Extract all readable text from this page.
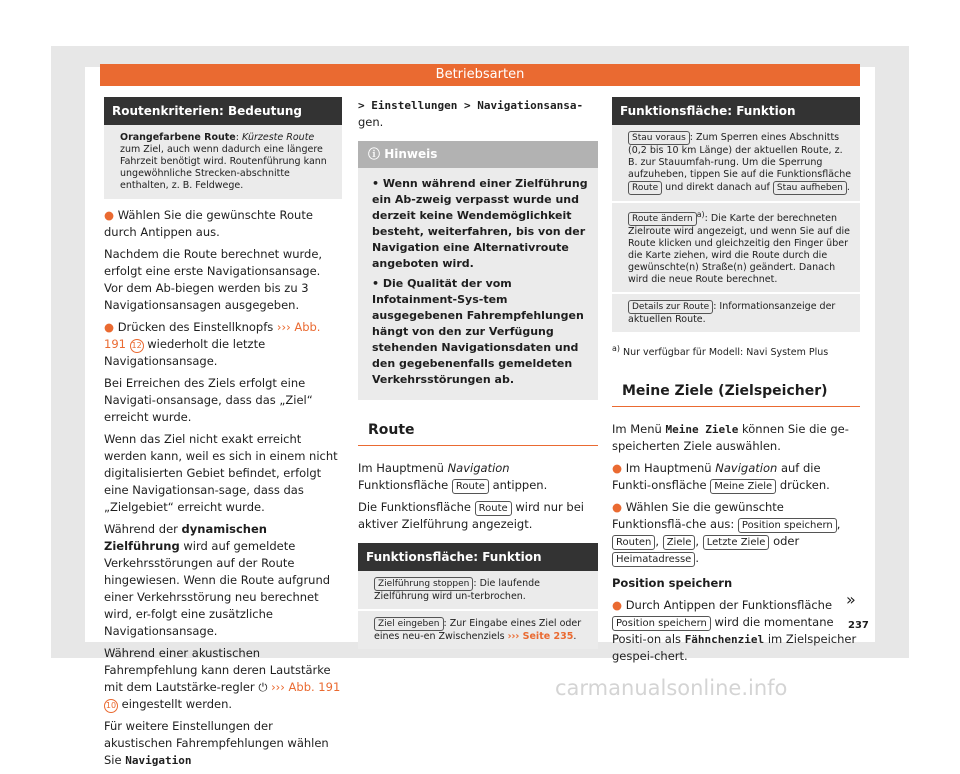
Betriebsarten
Routenkriterien: Bedeutung
Orangefarbene Route: Kürzeste Route zum Ziel, auch wenn dadurch eine längere Fahrzeit benötigt wird. Routenführung kann ungewöhnliche Strecken-abschnitte enthalten, z. B. Feldwege.

● Wählen Sie die gewünschte Route durch Antippen aus.

Nachdem die Route berechnet wurde, erfolgt eine erste Navigationsansage. Vor dem Ab-biegen werden bis zu 3 Navigationsansagen ausgegeben.

● Drücken des Einstellknopfs ››› Abb. 191 12 wiederholt die letzte Navigationsansage.

Bei Erreichen des Ziels erfolgt eine Navigati-onsansage, dass das „Ziel“ erreicht wurde.

Wenn das Ziel nicht exakt erreicht werden kann, weil es sich in einem nicht digitalisierten Gebiet befindet, erfolgt eine Navigationsan-sage, dass das „Zielgebiet“ erreicht wurde.

Während der dynamischen Zielführung wird auf gemeldete Verkehrsstörungen auf der Route hingewiesen. Wenn die Route aufgrund einer Verkehrsstörung neu berechnet wird, er-folgt eine zusätzliche Navigationsansage.

Während einer akustischen Fahrempfehlung kann deren Lautstärke mit dem Lautstärke-regler ⏻ ››› Abb. 191 10 eingestellt werden.

Für weitere Einstellungen der akustischen Fahrempfehlungen wählen Sie Navigation

> Einstellungen > Navigationsansa- gen.

ⓘ Hinweis

• Wenn während einer Zielführung ein Ab-zweig verpasst wurde und derzeit keine Wendemöglichkeit besteht, weiterfahren, bis von der Navigation eine Alternativroute angeboten wird.

• Die Qualität der vom Infotainment-Sys-tem ausgegebenen Fahrempfehlungen hängt von den zur Verfügung stehenden Navigationsdaten und den gegebenenfalls gemeldeten Verkehrsstörungen ab.

Route

Im Hauptmenü Navigation Funktionsfläche Route antippen.

Die Funktionsfläche Route wird nur bei aktiver Zielführung angezeigt.

Funktionsfläche: Funktion
Zielführung stoppen : Die laufende Zielführung wird un-terbrochen.
Ziel eingeben : Zur Eingabe eines Ziel oder eines neu-en Zwischenziels ››› Seite 235.
Funktionsfläche: Funktion
Stau voraus : Zum Sperren eines Abschnitts (0,2 bis 10 km Länge) der aktuellen Route, z. B. zur Stauumfah-rung. Um die Sperrung aufzuheben, tippen Sie auf die Funktionsfläche Route und direkt danach auf Stau aufheben .
Route ändern $^{a)}$: Die Karte der berechneten Zielroute wird angezeigt, und wenn Sie auf die Route klicken und gleichzeitig den Finger über die Karte ziehen, wird die Route durch die gewünschte(n) Straße(n) geändert. Danach wird die neue Route berechnet.
Details zur Route : Informationsanzeige der aktuellen Route.
$^{a)}$ Nur verfügbar für Modell: Navi System Plus
Meine Ziele (Zielspeicher)

Im Menü Meine Ziele können Sie die ge-speicherten Ziele auswählen.

● Im Hauptmenü Navigation auf die Funkti-onsfläche Meine Ziele drücken.

● Wählen Sie die gewünschte Funktionsflä-che aus: Position speichern , Routen , Ziele , Letzte Ziele oder Heimatadresse .

Position speichern

● Durch Antippen der Funktionsfläche Position speichern wird die momentane Positi-on als Fähnchenziel im Zielspeicher gespei-chert.

»
237
carmanualsonline.info
